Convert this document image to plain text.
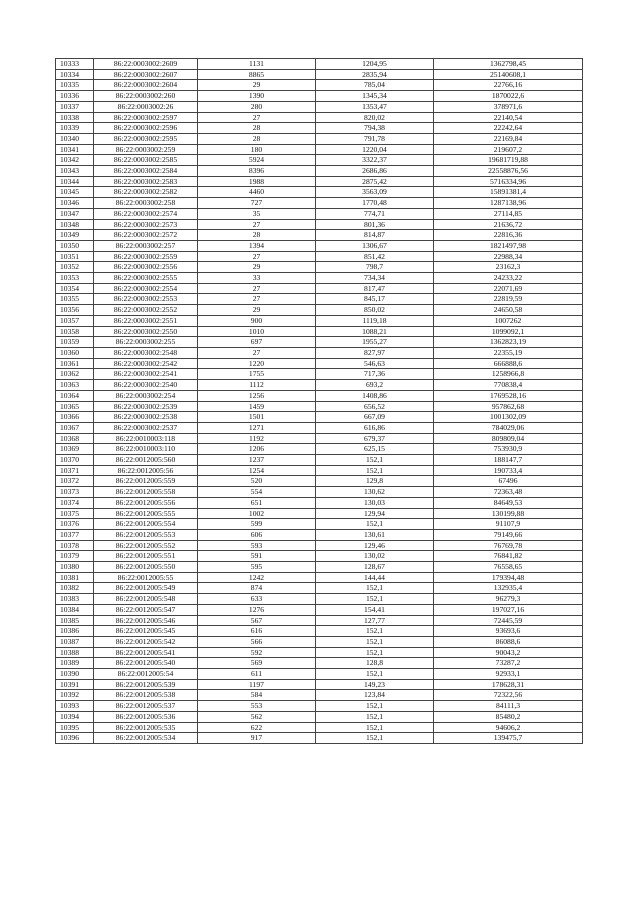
10333	86:22:0003002:2609	1131	1204,95	1362798,45
10334	86:22:0003002:2607	8865	2835,94	25140608,1
10335	86:22:0003002:2604	29	785,04	22766,16
10336	86:22:0003002:260	1390	1345,34	1870022,6
10337	86:22:0003002:26	280	1353,47	378971,6
10338	86:22:0003002:2597	27	820,02	22140,54
10339	86:22:0003002:2596	28	794,38	22242,64
10340	86:22:0003002:2595	28	791,78	22169,84
10341	86:22:0003002:259	180	1220,04	219607,2
10342	86:22:0003002:2585	5924	3322,37	19681719,88
10343	86:22:0003002:2584	8396	2686,86	22558876,56
10344	86:22:0003002:2583	1988	2875,42	5716334,96
10345	86:22:0003002:2582	4460	3563,09	15891381,4
10346	86:22:0003002:258	727	1770,48	1287138,96
10347	86:22:0003002:2574	35	774,71	27114,85
10348	86:22:0003002:2573	27	801,36	21636,72
10349	86:22:0003002:2572	28	814,87	22816,36
10350	86:22:0003002:257	1394	1306,67	1821497,98
10351	86:22:0003002:2559	27	851,42	22988,34
10352	86:22:0003002:2556	29	798,7	23162,3
10353	86:22:0003002:2555	33	734,34	24233,22
10354	86:22:0003002:2554	27	817,47	22071,69
10355	86:22:0003002:2553	27	845,17	22819,59
10356	86:22:0003002:2552	29	850,02	24650,58
10357	86:22:0003002:2551	900	1119,18	1007262
10358	86:22:0003002:2550	1010	1088,21	1099092,1
10359	86:22:0003002:255	697	1955,27	1362823,19
10360	86:22:0003002:2548	27	827,97	22355,19
10361	86:22:0003002:2542	1220	546,63	666888,6
10362	86:22:0003002:2541	1755	717,36	1258966,8
10363	86:22:0003002:2540	1112	693,2	770838,4
10364	86:22:0003002:254	1256	1408,86	1769528,16
10365	86:22:0003002:2539	1459	656,52	957862,68
10366	86:22:0003002:2538	1501	667,09	1001302,09
10367	86:22:0003002:2537	1271	616,86	784029,06
10368	86:22:0010003:118	1192	679,37	809809,04
10369	86:22:0010003:110	1206	625,15	753930,9
10370	86:22:0012005:560	1237	152,1	188147,7
10371	86:22:0012005:56	1254	152,1	190733,4
10372	86:22:0012005:559	520	129,8	67496
10373	86:22:0012005:558	554	130,62	72363,48
10374	86:22:0012005:556	651	130,03	84649,53
10375	86:22:0012005:555	1002	129,94	130199,88
10376	86:22:0012005:554	599	152,1	91107,9
10377	86:22:0012005:553	606	130,61	79149,66
10378	86:22:0012005:552	593	129,46	76769,78
10379	86:22:0012005:551	591	130,02	76841,82
10380	86:22:0012005:550	595	128,67	76558,65
10381	86:22:0012005:55	1242	144,44	179394,48
10382	86:22:0012005:549	874	152,1	132935,4
10383	86:22:0012005:548	633	152,1	96279,3
10384	86:22:0012005:547	1276	154,41	197027,16
10385	86:22:0012005:546	567	127,77	72445,59
10386	86:22:0012005:545	616	152,1	93693,6
10387	86:22:0012005:542	566	152,1	86088,6
10388	86:22:0012005:541	592	152,1	90043,2
10389	86:22:0012005:540	569	128,8	73287,2
10390	86:22:0012005:54	611	152,1	92933,1
10391	86:22:0012005:539	1197	149,23	178628,31
10392	86:22:0012005:538	584	123,84	72322,56
10393	86:22:0012005:537	553	152,1	84111,3
10394	86:22:0012005:536	562	152,1	85480,2
10395	86:22:0012005:535	622	152,1	94606,2
10396	86:22:0012005:534	917	152,1	139475,7
